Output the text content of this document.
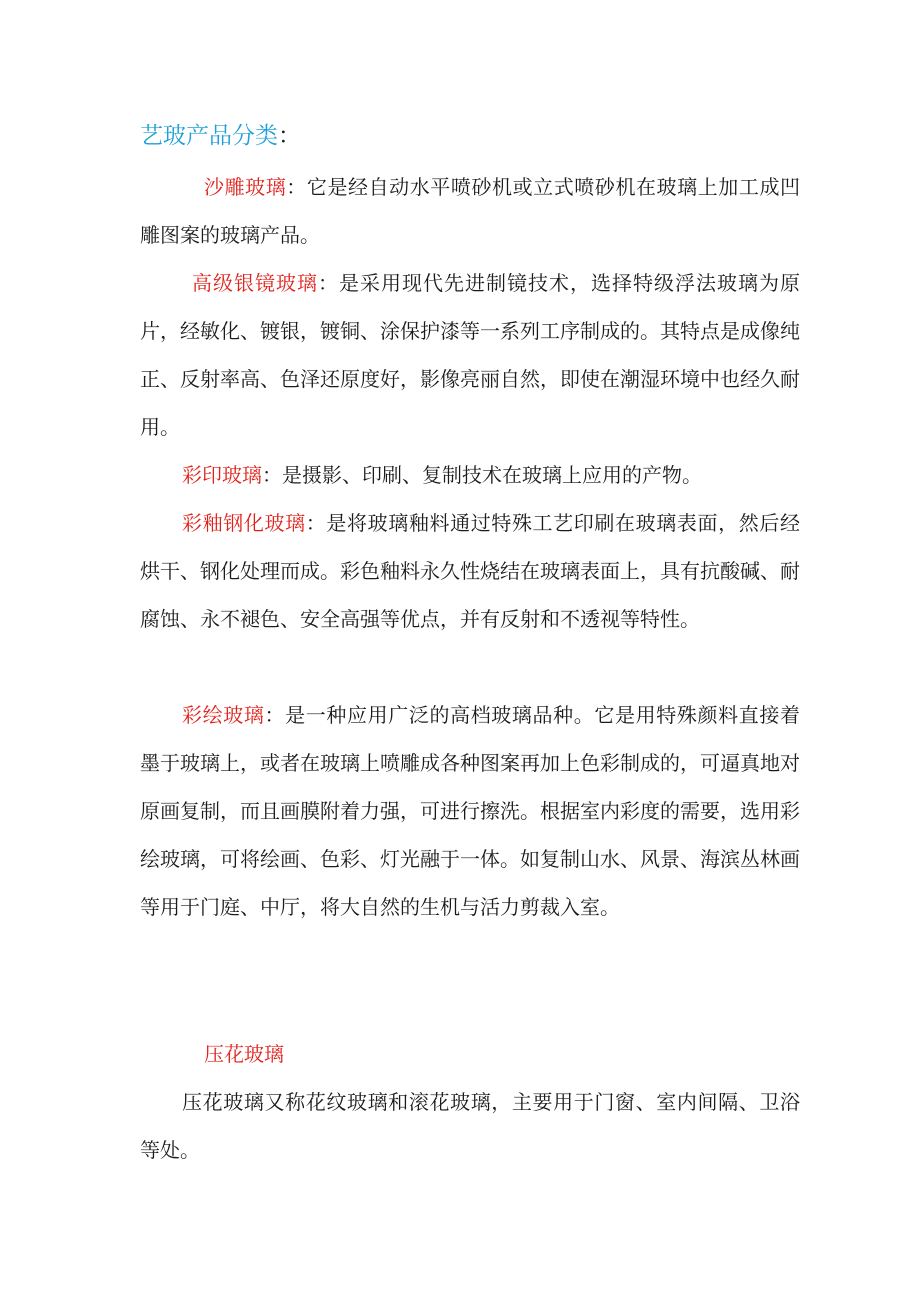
艺玻产品分类：
沙雕玻璃：它是经自动水平喷砂机或立式喷砂机在玻璃上加工成凹雕图案的玻璃产品。
高级银镜玻璃：是采用现代先进制镜技术，选择特级浮法玻璃为原片，经敏化、镀银，镀铜、涂保护漆等一系列工序制成的。其特点是成像纯正、反射率高、色泽还原度好，影像亮丽自然，即使在潮湿环境中也经久耐用。
彩印玻璃：是摄影、印刷、复制技术在玻璃上应用的产物。
彩釉钢化玻璃：是将玻璃釉料通过特殊工艺印刷在玻璃表面，然后经烘干、钢化处理而成。彩色釉料永久性烧结在玻璃表面上，具有抗酸碱、耐腐蚀、永不褪色、安全高强等优点，并有反射和不透视等特性。
彩绘玻璃：是一种应用广泛的高档玻璃品种。它是用特殊颜料直接着墨于玻璃上，或者在玻璃上喷雕成各种图案再加上色彩制成的，可逼真地对原画复制，而且画膜附着力强，可进行擦洗。根据室内彩度的需要，选用彩绘玻璃，可将绘画、色彩、灯光融于一体。如复制山水、风景、海滨丛林画等用于门庭、中厅，将大自然的生机与活力剪裁入室。
压花玻璃
压花玻璃又称花纹玻璃和滚花玻璃，主要用于门窗、室内间隔、卫浴等处。
